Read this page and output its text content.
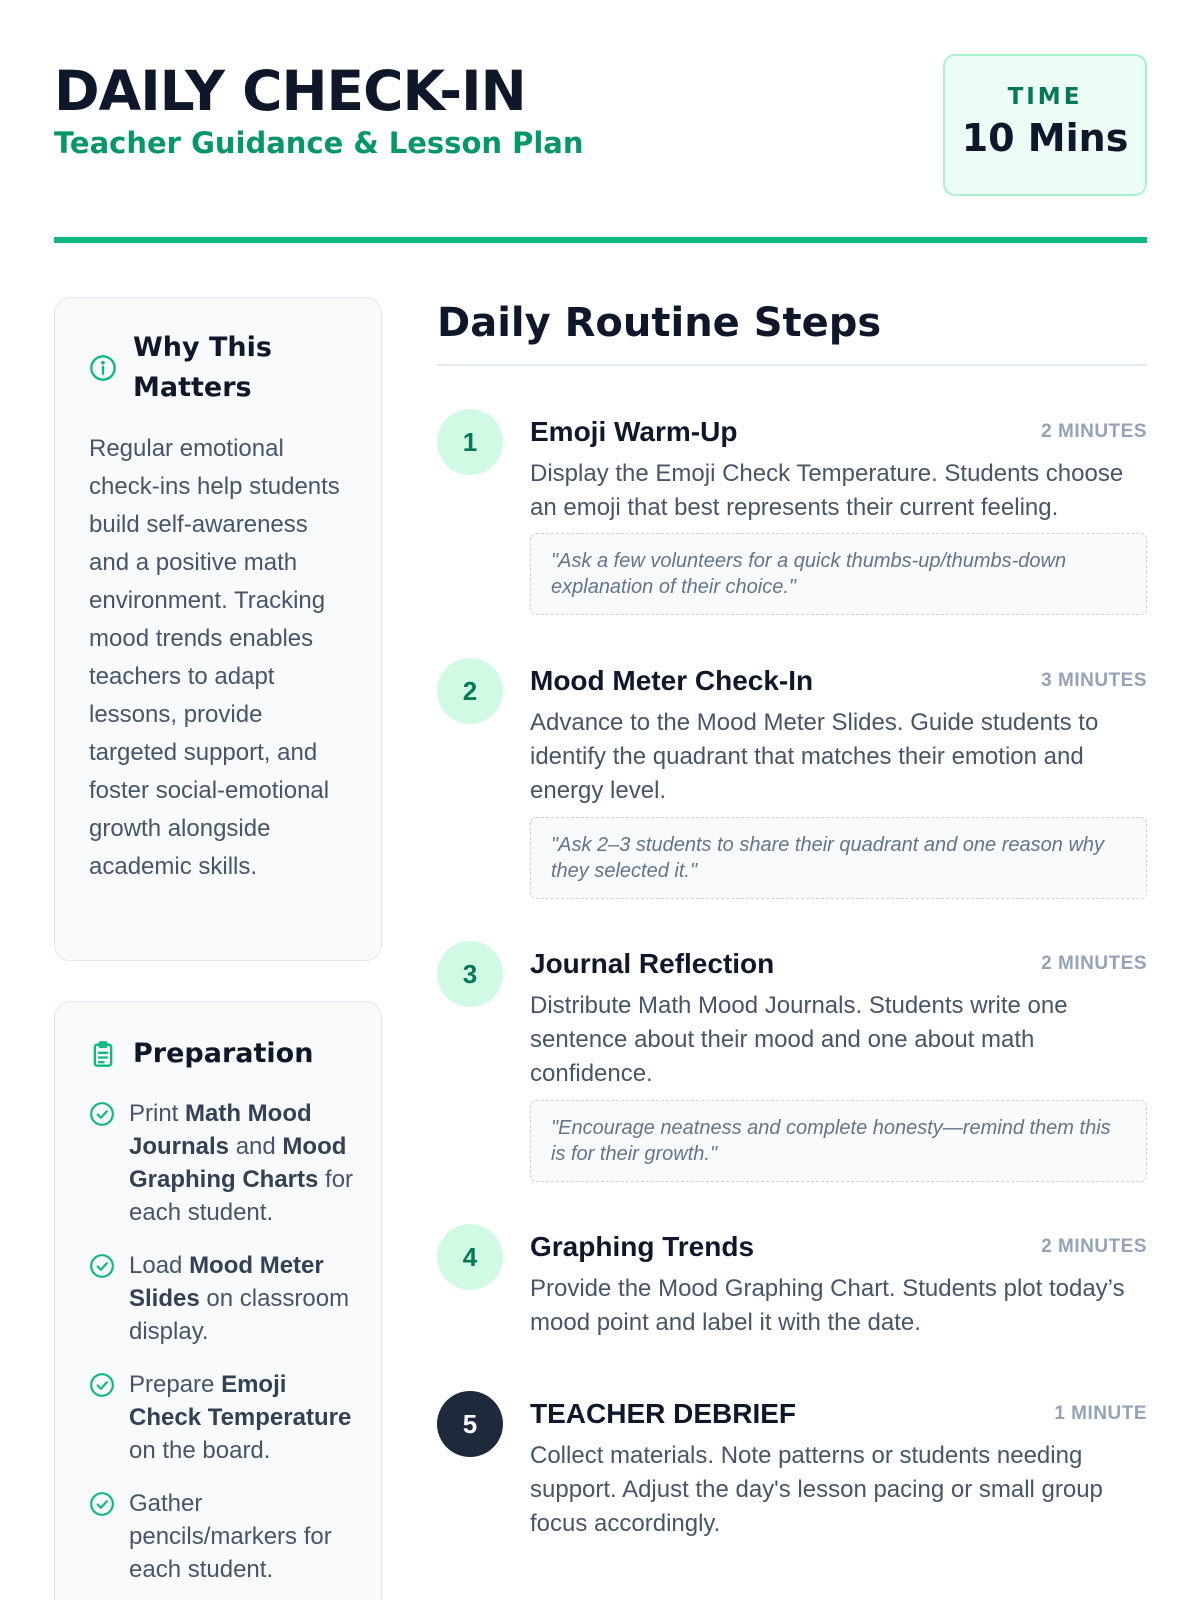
DAILY CHECK-IN
Teacher Guidance & Lesson Plan
TIME
10 Mins
Why This Matters

Regular emotional check-ins help students build self-awareness and a positive math environment. Tracking mood trends enables teachers to adapt lessons, provide targeted support, and foster social-emotional growth alongside academic skills.

Preparation
Print Math Mood Journals and Mood Graphing Charts for each student.
Load Mood Meter Slides on classroom display.
Prepare Emoji Check Temperature on the board.
Gather pencils/markers for each student.
Daily Routine Steps
1	Emoji Warm-Up	2 MINUTES

Display the Emoji Check Temperature. Students choose an emoji that best represents their current feeling.

"Ask a few volunteers for a quick thumbs-up/thumbs-down explanation of their choice."
2	Mood Meter Check-In	3 MINUTES

Advance to the Mood Meter Slides. Guide students to identify the quadrant that matches their emotion and energy level.

"Ask 2–3 students to share their quadrant and one reason why they selected it."
3	Journal Reflection	2 MINUTES

Distribute Math Mood Journals. Students write one sentence about their mood and one about math confidence.

"Encourage neatness and complete honesty—remind them this is for their growth."
4	Graphing Trends	2 MINUTES

Provide the Mood Graphing Chart. Students plot today’s mood point and label it with the date.

5	TEACHER DEBRIEF	1 MINUTE

Collect materials. Note patterns or students needing support. Adjust the day's lesson pacing or small group focus accordingly.
